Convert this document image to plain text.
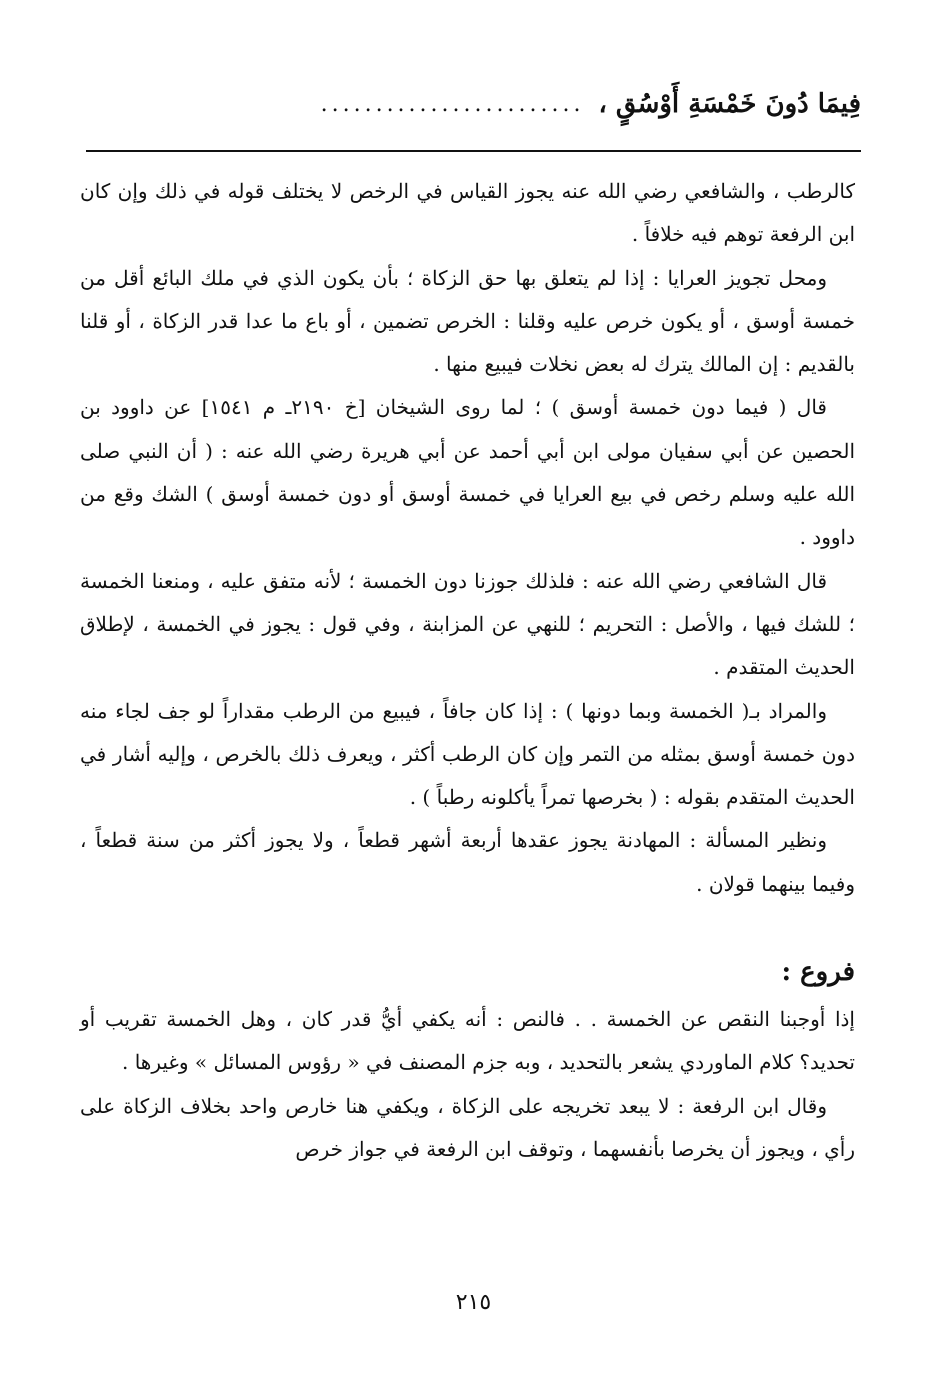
فِيمَا دُونَ خَمْسَةِ أَوْسُقٍ ،
........................

كالرطب ، والشافعي رضي الله عنه يجوز القياس في الرخص لا يختلف قوله في ذلك وإن كان ابن الرفعة توهم فيه خلافاً .

ومحل تجويز العرايا : إذا لم يتعلق بها حق الزكاة ؛ بأن يكون الذي في ملك البائع أقل من خمسة أوسق ، أو يكون خرص عليه وقلنا : الخرص تضمين ، أو باع ما عدا قدر الزكاة ، أو قلنا بالقديم : إن المالك يترك له بعض نخلات فيبيع منها .

قال ( فيما دون خمسة أوسق ) ؛ لما روى الشيخان [خ ٢١٩٠ـ م ١٥٤١] عن داوود بن الحصين عن أبي سفيان مولى ابن أبي أحمد عن أبي هريرة رضي الله عنه : ( أن النبي صلى الله عليه وسلم رخص في بيع العرايا في خمسة أوسق أو دون خمسة أوسق ) الشك وقع من داوود .

قال الشافعي رضي الله عنه : فلذلك جوزنا دون الخمسة ؛ لأنه متفق عليه ، ومنعنا الخمسة ؛ للشك فيها ، والأصل : التحريم ؛ للنهي عن المزابنة ، وفي قول : يجوز في الخمسة ، لإطلاق الحديث المتقدم .

والمراد بـ( الخمسة وبما دونها ) : إذا كان جافاً ، فيبيع من الرطب مقداراً لو جف لجاء منه دون خمسة أوسق بمثله من التمر وإن كان الرطب أكثر ، ويعرف ذلك بالخرص ، وإليه أشار في الحديث المتقدم بقوله : ( بخرصها تمراً يأكلونه رطباً ) .

ونظير المسألة : المهادنة يجوز عقدها أربعة أشهر قطعاً ، ولا يجوز أكثر من سنة قطعاً ، وفيما بينهما قولان .

فروع :

إذا أوجبنا النقص عن الخمسة . . فالنص : أنه يكفي أيُّ قدر كان ، وهل الخمسة تقريب أو تحديد؟ كلام الماوردي يشعر بالتحديد ، وبه جزم المصنف في « رؤوس المسائل » وغيرها .

وقال ابن الرفعة : لا يبعد تخريجه على الزكاة ، ويكفي هنا خارص واحد بخلاف الزكاة على رأي ، ويجوز أن يخرصا بأنفسهما ، وتوقف ابن الرفعة في جواز خرص

٢١٥
